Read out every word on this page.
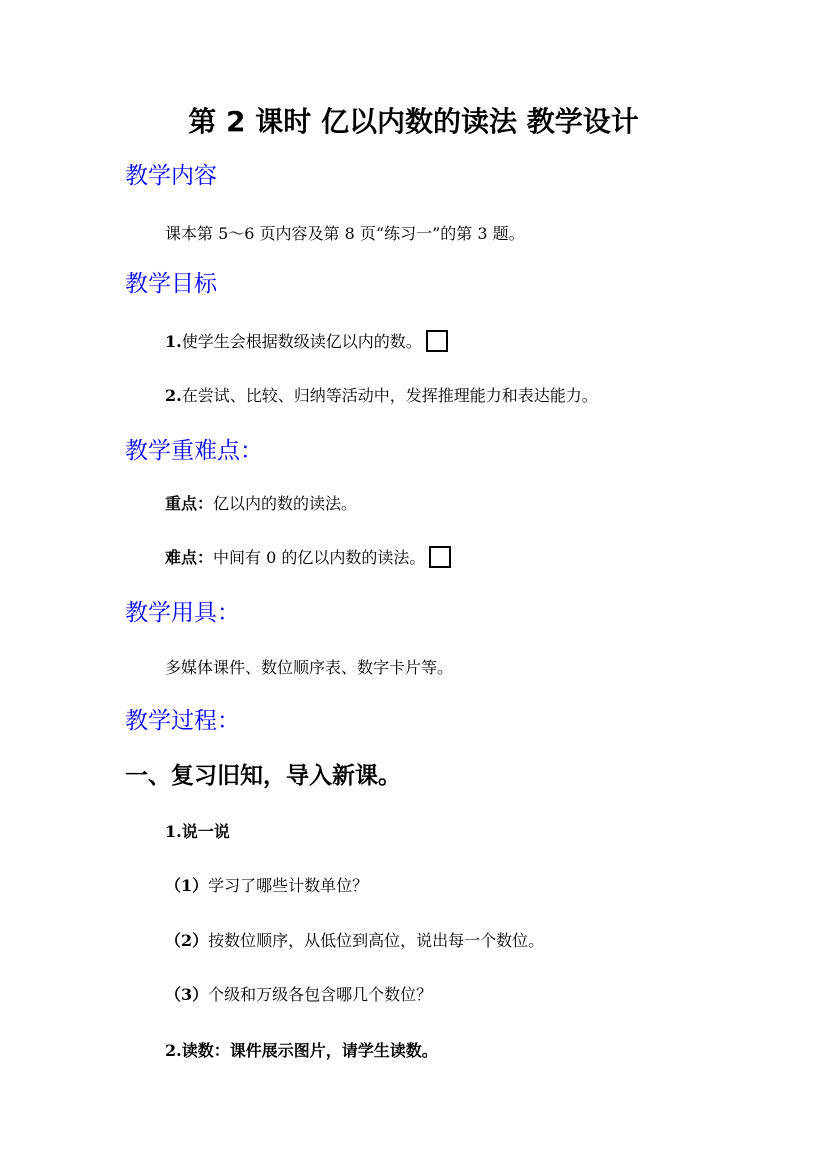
第 2 课时 亿以内数的读法 教学设计
教学内容
课本第 5～6 页内容及第 8 页“练习一”的第 3 题。
教学目标
1.使学生会根据数级读亿以内的数。
2.在尝试、比较、归纳等活动中，发挥推理能力和表达能力。
教学重难点：
重点：亿以内的数的读法。
难点：中间有 0 的亿以内数的读法。
教学用具：
多媒体课件、数位顺序表、数字卡片等。
教学过程：
一、复习旧知，导入新课。
1.说一说
（1）学习了哪些计数单位？
（2）按数位顺序，从低位到高位，说出每一个数位。
（3）个级和万级各包含哪几个数位？
2.读数：课件展示图片，请学生读数。
